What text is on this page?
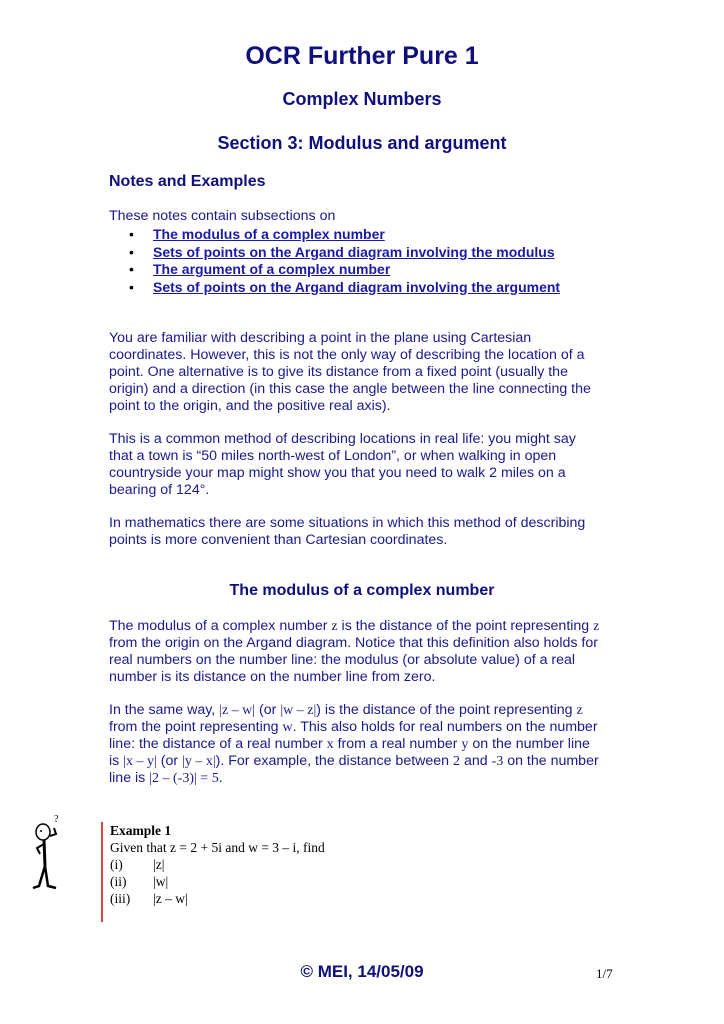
OCR Further Pure 1
Complex Numbers
Section 3: Modulus and argument
Notes and Examples
These notes contain subsections on
• The modulus of a complex number
• Sets of points on the Argand diagram involving the modulus
• The argument of a complex number
• Sets of points on the Argand diagram involving the argument
You are familiar with describing a point in the plane using Cartesian
coordinates. However, this is not the only way of describing the location of a
point. One alternative is to give its distance from a fixed point (usually the
origin) and a direction (in this case the angle between the line connecting the
point to the origin, and the positive real axis).
This is a common method of describing locations in real life: you might say
that a town is “50 miles north-west of London”, or when walking in open
countryside your map might show you that you need to walk 2 miles on a
bearing of 124°.
In mathematics there are some situations in which this method of describing
points is more convenient than Cartesian coordinates.
The modulus of a complex number
The modulus of a complex number z is the distance of the point representing z
from the origin on the Argand diagram. Notice that this definition also holds for
real numbers on the number line: the modulus (or absolute value) of a real
number is its distance on the number line from zero.
In the same way, |z – w| (or |w – z|) is the distance of the point representing z
from the point representing w. This also holds for real numbers on the number
line: the distance of a real number x from a real number y on the number line
is |x – y| (or |y – x|). For example, the distance between 2 and -3 on the number
line is |2 – (-3)| = 5.
?
Example 1
Given that z = 2 + 5i and w = 3 – i, find
(i)	|z|
(ii)	|w|
(iii)	|z – w|
© MEI, 14/05/09	1/7
